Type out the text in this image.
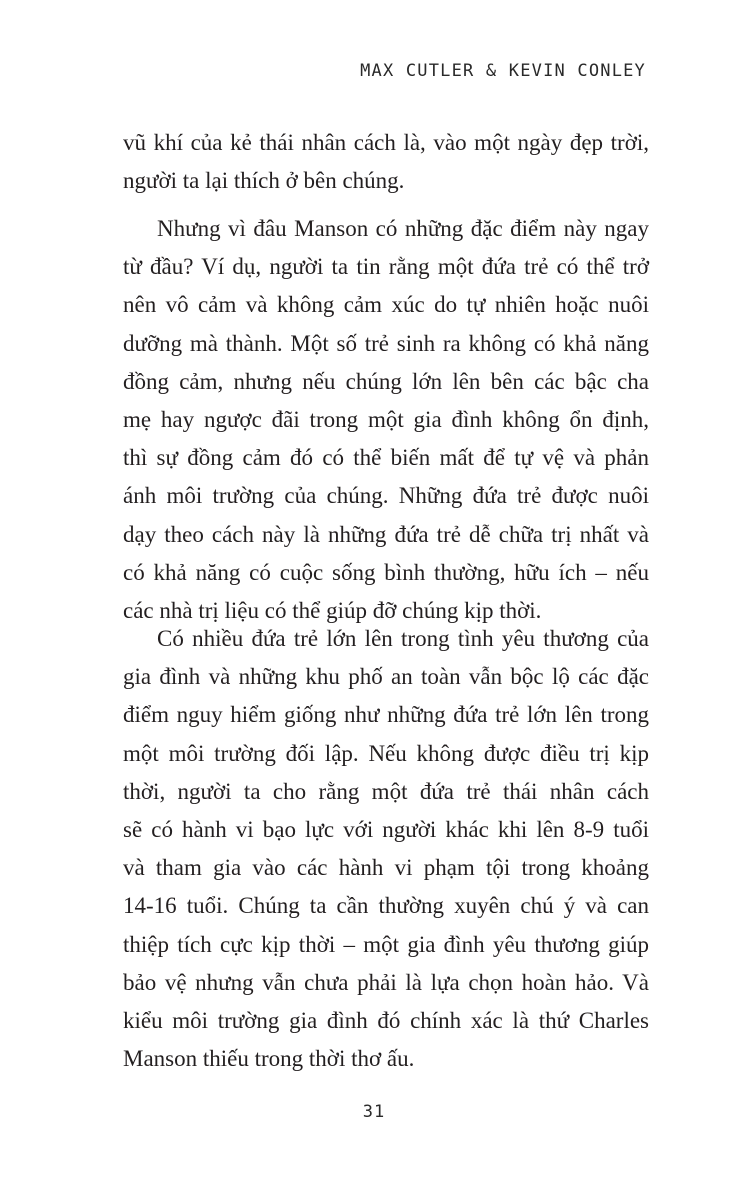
MAX CUTLER & KEVIN CONLEY
vũ khí của kẻ thái nhân cách là, vào một ngày đẹp trời,
người ta lại thích ở bên chúng.
Nhưng vì đâu Manson có những đặc điểm này ngay
từ đầu? Ví dụ, người ta tin rằng một đứa trẻ có thể trở
nên vô cảm và không cảm xúc do tự nhiên hoặc nuôi
dưỡng mà thành. Một số trẻ sinh ra không có khả năng
đồng cảm, nhưng nếu chúng lớn lên bên các bậc cha
mẹ hay ngược đãi trong một gia đình không ổn định,
thì sự đồng cảm đó có thể biến mất để tự vệ và phản
ánh môi trường của chúng. Những đứa trẻ được nuôi
dạy theo cách này là những đứa trẻ dễ chữa trị nhất và
có khả năng có cuộc sống bình thường, hữu ích – nếu
các nhà trị liệu có thể giúp đỡ chúng kịp thời.
Có nhiều đứa trẻ lớn lên trong tình yêu thương của
gia đình và những khu phố an toàn vẫn bộc lộ các đặc
điểm nguy hiểm giống như những đứa trẻ lớn lên trong
một môi trường đối lập. Nếu không được điều trị kịp
thời, người ta cho rằng một đứa trẻ thái nhân cách
sẽ có hành vi bạo lực với người khác khi lên 8-9 tuổi
và tham gia vào các hành vi phạm tội trong khoảng
14-16 tuổi. Chúng ta cần thường xuyên chú ý và can
thiệp tích cực kịp thời – một gia đình yêu thương giúp
bảo vệ nhưng vẫn chưa phải là lựa chọn hoàn hảo. Và
kiểu môi trường gia đình đó chính xác là thứ Charles
Manson thiếu trong thời thơ ấu.
31
